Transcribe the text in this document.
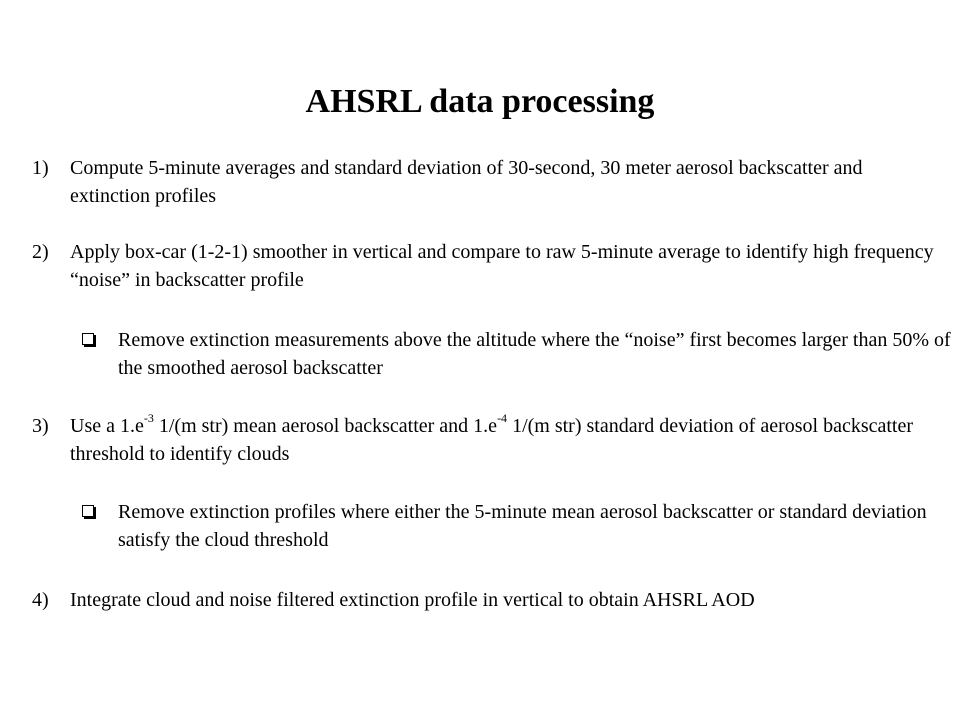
AHSRL data processing
1)	Compute 5-minute averages and standard deviation of 30-second, 30 meter aerosol backscatter and extinction profiles
2)	Apply box-car (1-2-1) smoother in vertical and compare to raw 5-minute average to identify high frequency “noise” in backscatter profile
Remove extinction measurements above the altitude where the “noise” first becomes larger than 50% of the smoothed aerosol backscatter
3)	Use a $1.e^{-3}$ 1/(m str) mean aerosol backscatter and $1.e^{-4}$ 1/(m str) standard deviation of aerosol backscatter threshold to identify clouds
Remove extinction profiles where either the 5-minute mean aerosol backscatter or standard deviation satisfy the cloud threshold
4)	Integrate cloud and noise filtered extinction profile in vertical to obtain AHSRL AOD
